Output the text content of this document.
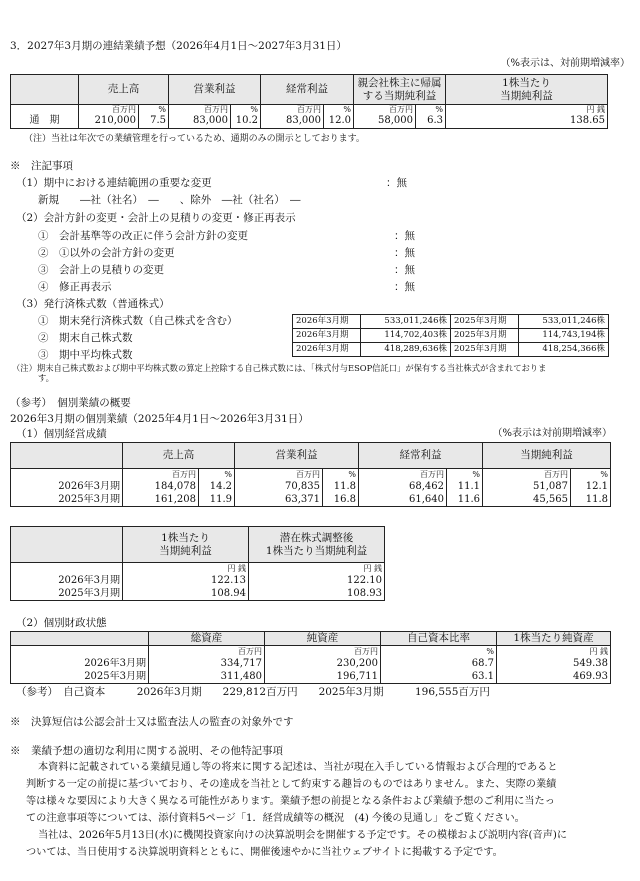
3．2027年3月期の連結業績予想（2026年4月1日～2027年3月31日）
（%表示は、対前期増減率）
	売上高		営業利益		経常利益		親会社株主に帰属
する当期純利益		1株当たり
当期純利益
通　期	百万円	%	百万円	%	百万円	%	百万円	%	円 銭
	210,000	7.5	83,000	10.2	83,000	12.0	58,000	6.3	138.65
（注）当社は年次での業績管理を行っているため、通期のみの開示としております。
※　注記事項
（1）期中における連結範囲の重要な変更	：無
新規　　―社（社名）　―　　、除外　―社（社名）　―
（2）会計方針の変更・会計上の見積りの変更・修正再表示
①　会計基準等の改正に伴う会計方針の変更	：無
②　①以外の会計方針の変更	：無
③　会計上の見積りの変更	：無
④　修正再表示	：無
（3）発行済株式数（普通株式）
①　期末発行済株式数（自己株式を含む）
②　期末自己株式数
③　期中平均株式数
2026年3月期	533,011,246株	2025年3月期	533,011,246株
2026年3月期	114,702,403株	2025年3月期	114,743,194株
2026年3月期	418,289,636株	2025年3月期	418,254,366株
（注）期末自己株式数および期中平均株式数の算定上控除する自己株式数には、「株式付与ESOP信託口」が保有する当社株式が含まれておりま
す。
（参考）　個別業績の概要
2026年3月期の個別業績（2025年4月1日～2026年3月31日）
（1）個別経営成績	（%表示は対前期増減率）
	売上高		営業利益		経常利益		当期純利益	
	百万円	%	百万円	%	百万円	%	百万円	%
2026年3月期	184,078	14.2	70,835	11.8	68,462	11.1	51,087	12.1
2025年3月期	161,208	11.9	63,371	16.8	61,640	11.6	45,565	11.8
	1株当たり
当期純利益	潜在株式調整後
1株当たり当期純利益
	円 銭	円 銭
2026年3月期	122.13	122.10
2025年3月期	108.94	108.93
（2）個別財政状態
	総資産	純資産	自己資本比率	1株当たり純資産
	百万円	百万円	%	円 銭
2026年3月期	334,717	230,200	68.7	549.38
2025年3月期	311,480	196,711	63.1	469.93
（参考）　自己資本　　　2026年3月期　　229,812百万円　　2025年3月期　　　196,555百万円
※　決算短信は公認会計士又は監査法人の監査の対象外です
※　業績予想の適切な利用に関する説明、その他特記事項
本資料に記載されている業績見通し等の将来に関する記述は、当社が現在入手している情報および合理的であると
判断する一定の前提に基づいており、その達成を当社として約束する趣旨のものではありません。また、実際の業績
等は様々な要因により大きく異なる可能性があります。業績予想の前提となる条件および業績予想のご利用に当たっ
ての注意事項等については、添付資料5ページ「1．経営成績等の概況　(4) 今後の見通し」をご覧ください。
当社は、2026年5月13日(水)に機関投資家向けの決算説明会を開催する予定です。その模様および説明内容(音声)に
ついては、当日使用する決算説明資料とともに、開催後速やかに当社ウェブサイトに掲載する予定です。
